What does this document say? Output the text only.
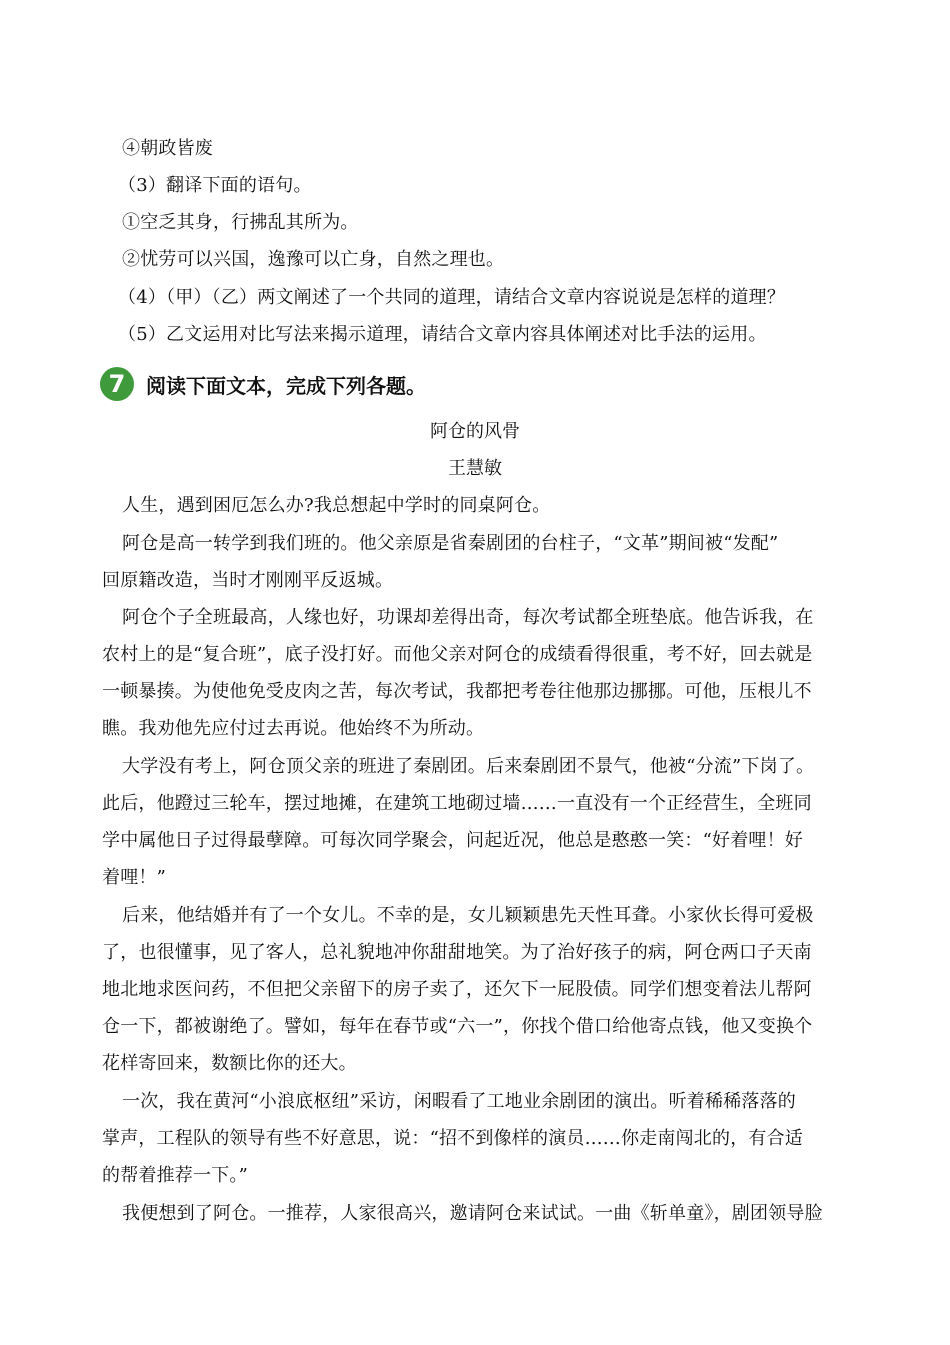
④朝政皆废
（3）翻译下面的语句。
①空乏其身，行拂乱其所为。
②忧劳可以兴国，逸豫可以亡身，自然之理也。
（4）（甲）（乙）两文阐述了一个共同的道理，请结合文章内容说说是怎样的道理？
（5）乙文运用对比写法来揭示道理，请结合文章内容具体阐述对比手法的运用。
7	阅读下面文本，完成下列各题。
阿仓的风骨
王慧敏
人生，遇到困厄怎么办?我总想起中学时的同桌阿仓。
阿仓是高一转学到我们班的。他父亲原是省秦剧团的台柱子，“文革”期间被“发配”
回原籍改造，当时才刚刚平反返城。
阿仓个子全班最高，人缘也好，功课却差得出奇，每次考试都全班垫底。他告诉我，在
农村上的是“复合班”，底子没打好。而他父亲对阿仓的成绩看得很重，考不好，回去就是
一顿暴揍。为使他免受皮肉之苦，每次考试，我都把考卷往他那边挪挪。可他，压根儿不
瞧。我劝他先应付过去再说。他始终不为所动。
大学没有考上，阿仓顶父亲的班进了秦剧团。后来秦剧团不景气，他被“分流”下岗了。
此后，他蹬过三轮车，摆过地摊，在建筑工地砌过墙……一直没有一个正经营生，全班同
学中属他日子过得最孽障。可每次同学聚会，问起近况，他总是憨憨一笑：“好着哩！好
着哩！”
后来，他结婚并有了一个女儿。不幸的是，女儿颖颖患先天性耳聋。小家伙长得可爱极
了，也很懂事，见了客人，总礼貌地冲你甜甜地笑。为了治好孩子的病，阿仓两口子天南
地北地求医问药，不但把父亲留下的房子卖了，还欠下一屁股债。同学们想变着法儿帮阿
仓一下，都被谢绝了。譬如，每年在春节或“六一”，你找个借口给他寄点钱，他又变换个
花样寄回来，数额比你的还大。
一次，我在黄河“小浪底枢纽”采访，闲暇看了工地业余剧团的演出。听着稀稀落落的
掌声，工程队的领导有些不好意思，说：“招不到像样的演员……你走南闯北的，有合适
的帮着推荐一下。”
我便想到了阿仓。一推荐，人家很高兴，邀请阿仓来试试。一曲《斩单童》，剧团领导脸
